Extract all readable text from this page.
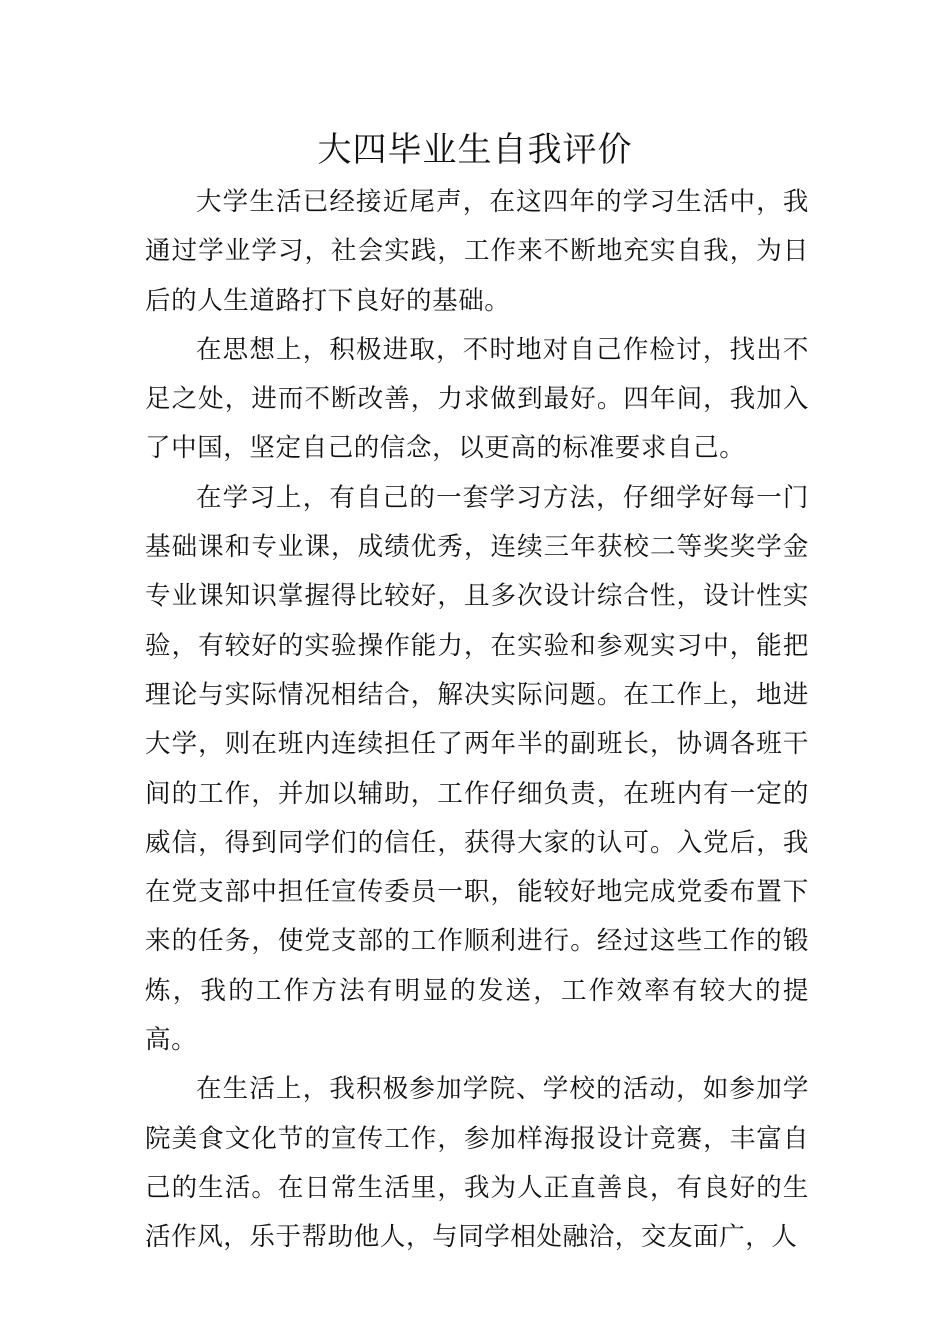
大四毕业生自我评价

大学生活已经接近尾声，在这四年的学习生活中，我通过学业学习，社会实践，工作来不断地充实自我，为日后的人生道路打下良好的基础。

在思想上，积极进取，不时地对自己作检讨，找出不足之处，进而不断改善，力求做到最好。四年间，我加入了中国，坚定自己的信念，以更高的标准要求自己。

在学习上，有自己的一套学习方法，仔细学好每一门基础课和专业课，成绩优秀，连续三年获校二等奖奖学金专业课知识掌握得比较好，且多次设计综合性，设计性实验，有较好的实验操作能力，在实验和参观实习中，能把理论与实际情况相结合，解决实际问题。在工作上，地进大学，则在班内连续担任了两年半的副班长，协调各班干间的工作，并加以辅助，工作仔细负责，在班内有一定的威信，得到同学们的信任，获得大家的认可。入党后，我在党支部中担任宣传委员一职，能较好地完成党委布置下来的任务，使党支部的工作顺利进行。经过这些工作的锻炼，我的工作方法有明显的发送，工作效率有较大的提高。

在生活上，我积极参加学院、学校的活动，如参加学院美食文化节的宣传工作，参加样海报设计竞赛，丰富自己的生活。在日常生活里，我为人正直善良，有良好的生活作风，乐于帮助他人，与同学相处融洽，交友面广，人
